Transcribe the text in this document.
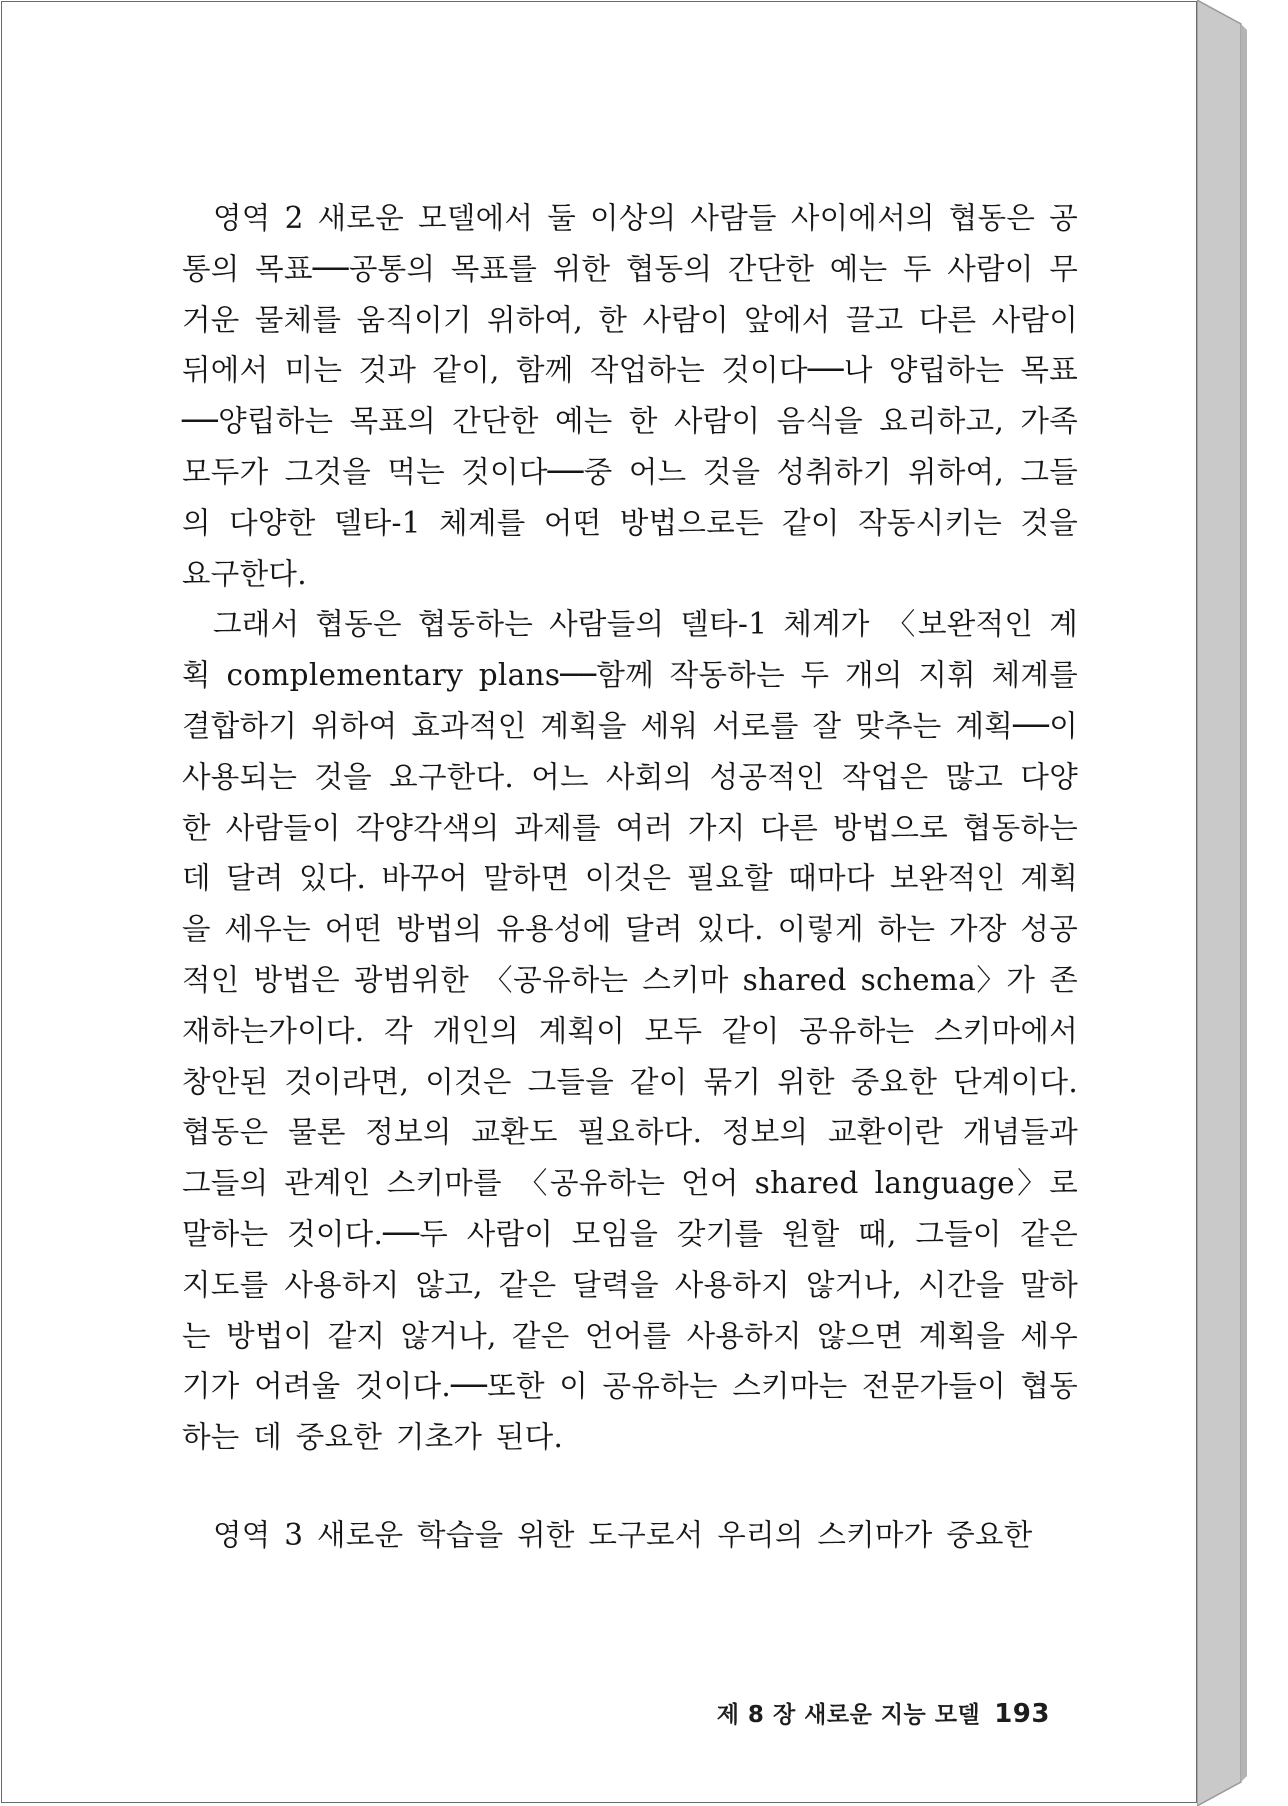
영역 2 새로운 모델에서 둘 이상의 사람들 사이에서의 협동은 공통의 목표──공통의 목표를 위한 협동의 간단한 예는 두 사람이 무거운 물체를 움직이기 위하여, 한 사람이 앞에서 끌고 다른 사람이 뒤에서 미는 것과 같이, 함께 작업하는 것이다──나 양립하는 목표──양립하는 목표의 간단한 예는 한 사람이 음식을 요리하고, 가족 모두가 그것을 먹는 것이다──중 어느 것을 성취하기 위하여, 그들의 다양한 델타-1 체계를 어떤 방법으로든 같이 작동시키는 것을 요구한다.

그래서 협동은 협동하는 사람들의 델타-1 체계가 〈보완적인 계획 complementary plans──함께 작동하는 두 개의 지휘 체계를 결합하기 위하여 효과적인 계획을 세워 서로를 잘 맞추는 계획──이 사용되는 것을 요구한다. 어느 사회의 성공적인 작업은 많고 다양한 사람들이 각양각색의 과제를 여러 가지 다른 방법으로 협동하는 데 달려 있다. 바꾸어 말하면 이것은 필요할 때마다 보완적인 계획을 세우는 어떤 방법의 유용성에 달려 있다. 이렇게 하는 가장 성공적인 방법은 광범위한 〈공유하는 스키마 shared schema〉가 존재하는가이다. 각 개인의 계획이 모두 같이 공유하는 스키마에서 창안된 것이라면, 이것은 그들을 같이 묶기 위한 중요한 단계이다. 협동은 물론 정보의 교환도 필요하다. 정보의 교환이란 개념들과 그들의 관계인 스키마를 〈공유하는 언어 shared language〉로 말하는 것이다.──두 사람이 모임을 갖기를 원할 때, 그들이 같은 지도를 사용하지 않고, 같은 달력을 사용하지 않거나, 시간을 말하는 방법이 같지 않거나, 같은 언어를 사용하지 않으면 계획을 세우기가 어려울 것이다.──또한 이 공유하는 스키마는 전문가들이 협동하는 데 중요한 기초가 된다.

영역 3 새로운 학습을 위한 도구로서 우리의 스키마가 중요한

제 8 장 새로운 지능 모델 193
